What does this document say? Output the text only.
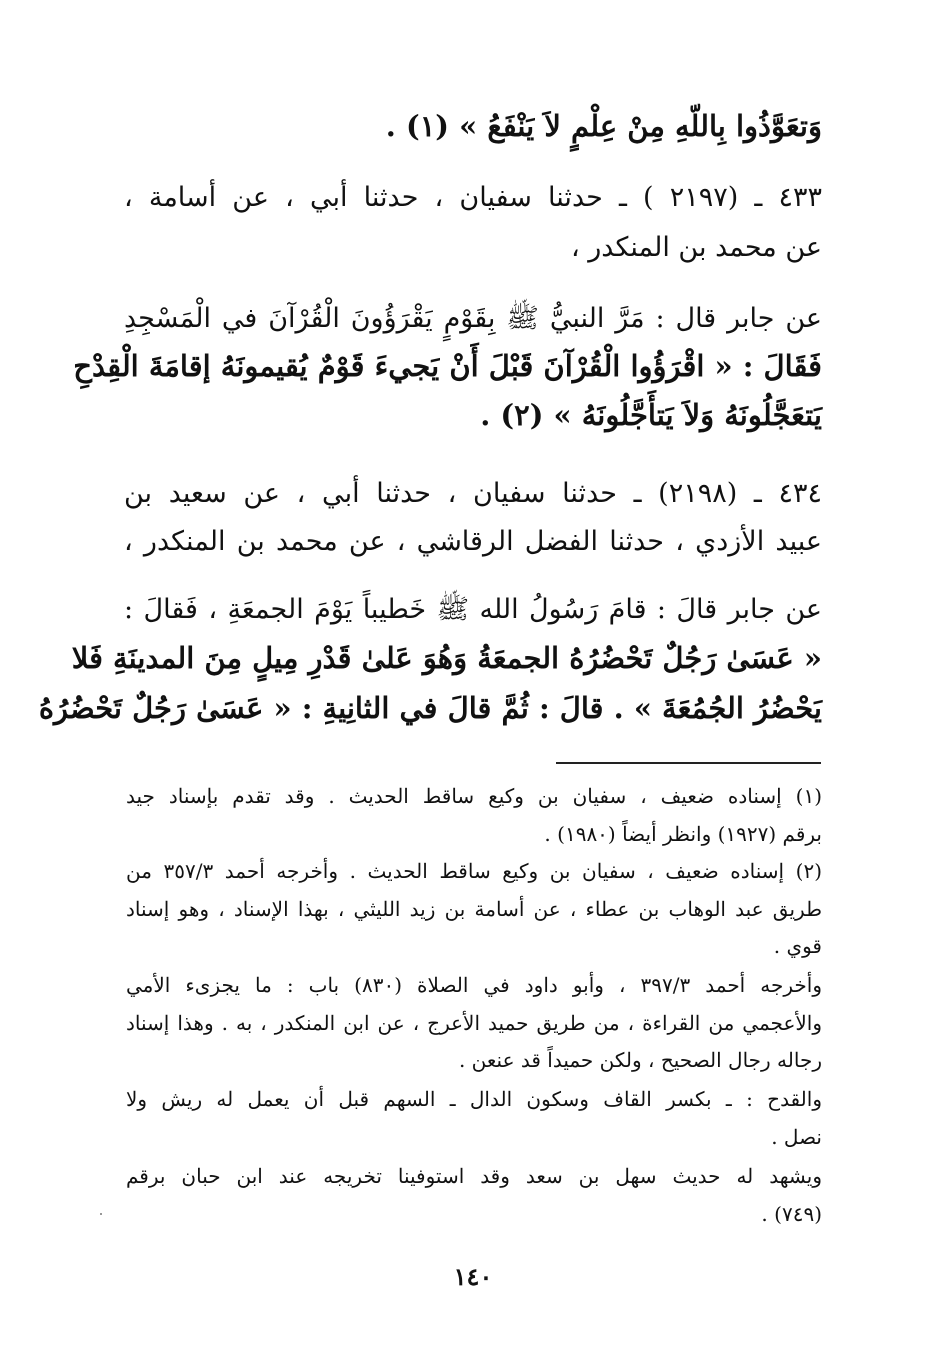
وَتعَوَّذُوا بِاللّهِ مِنْ عِلْمٍ لاَ يَنْفَعُ » (١) .
٤٣٣ ـ (٢١٩٧ ) ـ حدثنا سفيان ، حدثنا أبي ، عن أسامة ،
عن محمد بن المنكدر ،
عن جابر قال : مَرَّ النبيُّ ﷺ بِقَوْمٍ يَقْرَؤُونَ الْقُرْآنَ في الْمَسْجِدِ
فَقَالَ : « اقْرَؤُوا الْقُرْآنَ قَبْلَ أَنْ يَجيءَ قَوْمٌ يُقيمونَهُ إقامَةَ الْقِدْحِ
يَتعَجَّلُونَهُ وَلاَ يَتأَجَّلُونَهُ » (٢) .
٤٣٤ ـ (٢١٩٨) ـ حدثنا سفيان ، حدثنا أبي ، عن سعيد بن
عبيد الأزدي ، حدثنا الفضل الرقاشي ، عن محمد بن المنكدر ،
عن جابر قالَ : قامَ رَسُولُ الله ﷺ خَطيباً يَوْمَ الجمعَةِ ، فَقالَ :
« عَسَىٰ رَجُلٌ تَحْضُرُهُ الجمعَةُ وَهُوَ عَلىٰ قَدْرِ مِيلٍ مِنَ المدينَةِ فَلا
يَحْضُرُ الجُمُعَةَ » . قالَ : ثُمَّ قالَ في الثانِيةِ : « عَسَىٰ رَجُلٌ تَحْضُرُهُ
(١) إسناده ضعيف ، سفيان بن وكيع ساقط الحديث . وقد تقدم بإسناد جيد
برقم (١٩٢٧) وانظر أيضاً (١٩٨٠) .
(٢) إسناده ضعيف ، سفيان بن وكيع ساقط الحديث . وأخرجه أحمد ٣٥٧/٣ من
طريق عبد الوهاب بن عطاء ، عن أسامة بن زيد الليثي ، بهذا الإسناد ، وهو إسناد
قوي .
وأخرجه أحمد ٣٩٧/٣ ، وأبو داود في الصلاة (٨٣٠) باب : ما يجزىء الأمي
والأعجمي من القراءة ، من طريق حميد الأعرج ، عن ابن المنكدر ، به . وهذا إسناد
رجاله رجال الصحيح ، ولكن حميداً قد عنعن .
والقدح : ـ بكسر القاف وسكون الدال ـ السهم قبل أن يعمل له ريش ولا
نصل .
ويشهد له حديث سهل بن سعد وقد استوفينا تخريجه عند ابن حبان برقم
(٧٤٩) .
١٤٠
